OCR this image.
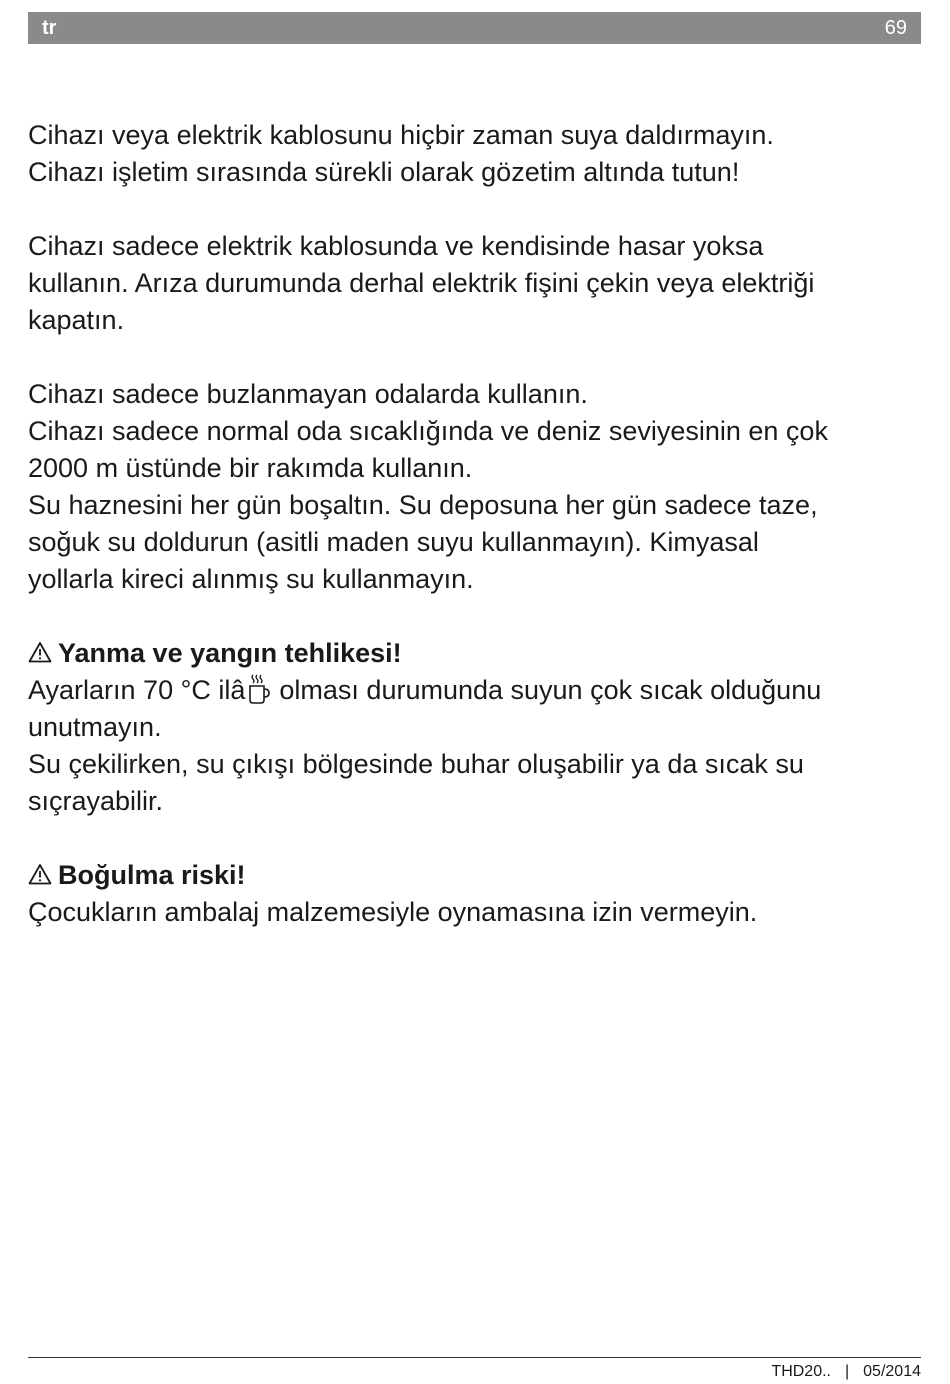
tr	69

Cihazı veya elektrik kablosunu hiçbir zaman suya daldırmayın.

Cihazı işletim sırasında sürekli olarak gözetim altında tutun!

Cihazı sadece elektrik kablosunda ve kendisinde hasar yoksa

kullanın. Arıza durumunda derhal elektrik fişini çekin veya elektriği

kapatın.

Cihazı sadece buzlanmayan odalarda kullanın.

Cihazı sadece normal oda sıcaklığında ve deniz seviyesinin en çok

2000 m üstünde bir rakımda kullanın.

Su haznesini her gün boşaltın. Su deposuna her gün sadece taze,

soğuk su doldurun (asitli maden suyu kullanmayın). Kimyasal

yollarla kireci alınmış su kullanmayın.

Yanma ve yangın tehlikesi!

Ayarların 70 °C ilâ olması durumunda suyun çok sıcak olduğunu

unutmayın.

Su çekilirken, su çıkışı bölgesinde buhar oluşabilir ya da sıcak su

sıçrayabilir.

Boğulma riski!

Çocukların ambalaj malzemesiyle oynamasına izin vermeyin.

THD20.. | 05/2014
